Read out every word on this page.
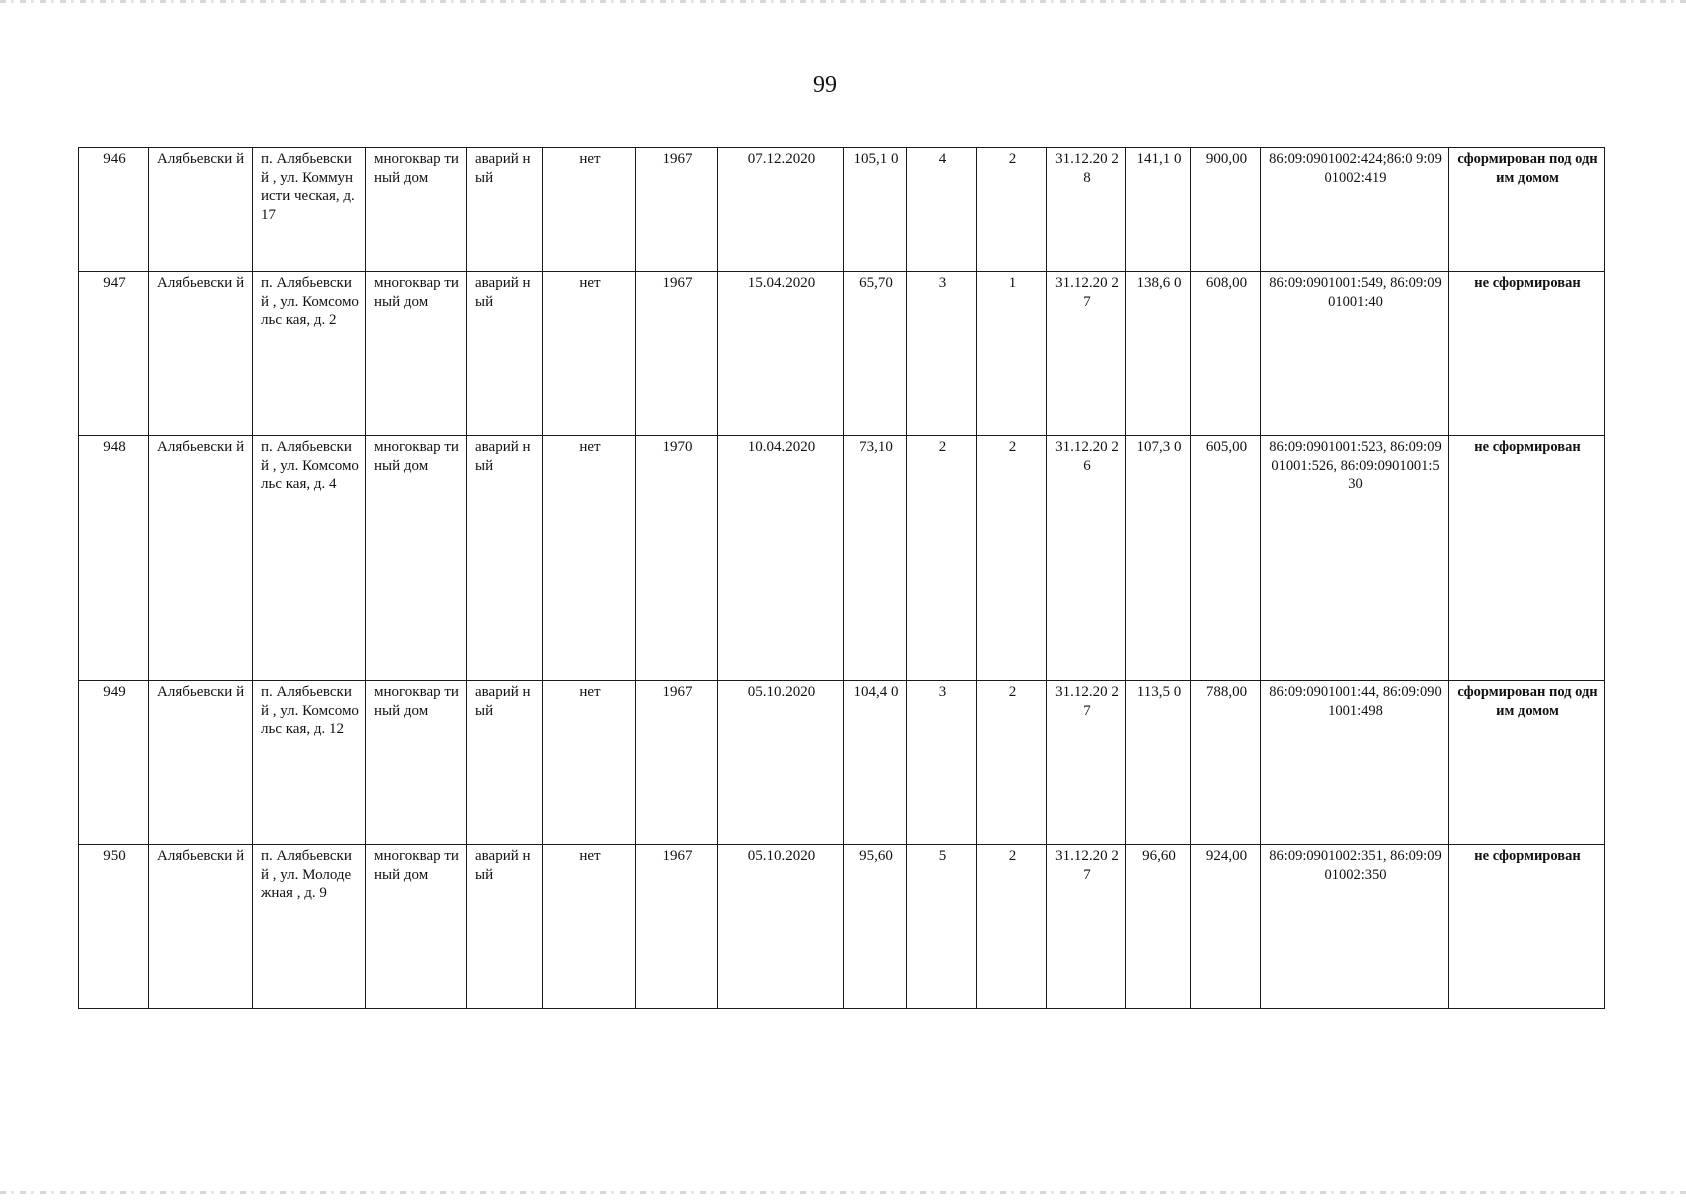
99
946	Алябьевски й	п. Алябьевский , ул. Коммунисти ческая, д. 17	многоквар тиный дом	аварий ный	нет	1967	07.12.2020	105,1 0	4	2	31.12.20 28	141,1 0	900,00	86:09:0901002:424;86:0 9:0901002:419	сформирован под одним домом
947	Алябьевски й	п. Алябьевский , ул. Комсомольс кая, д. 2	многоквар тиный дом	аварий ный	нет	1967	15.04.2020	65,70	3	1	31.12.20 27	138,6 0	608,00	86:09:0901001:549, 86:09:0901001:40	не сформирован
948	Алябьевски й	п. Алябьевский , ул. Комсомольс кая, д. 4	многоквар тиный дом	аварий ный	нет	1970	10.04.2020	73,10	2	2	31.12.20 26	107,3 0	605,00	86:09:0901001:523, 86:09:0901001:526, 86:09:0901001:530	не сформирован
949	Алябьевски й	п. Алябьевский , ул. Комсомольс кая, д. 12	многоквар тиный дом	аварий ный	нет	1967	05.10.2020	104,4 0	3	2	31.12.20 27	113,5 0	788,00	86:09:0901001:44, 86:09:0901001:498	сформирован под одним домом
950	Алябьевски й	п. Алябьевский , ул. Молодежная , д. 9	многоквар тиный дом	аварий ный	нет	1967	05.10.2020	95,60	5	2	31.12.20 27	96,60	924,00	86:09:0901002:351, 86:09:0901002:350	не сформирован
